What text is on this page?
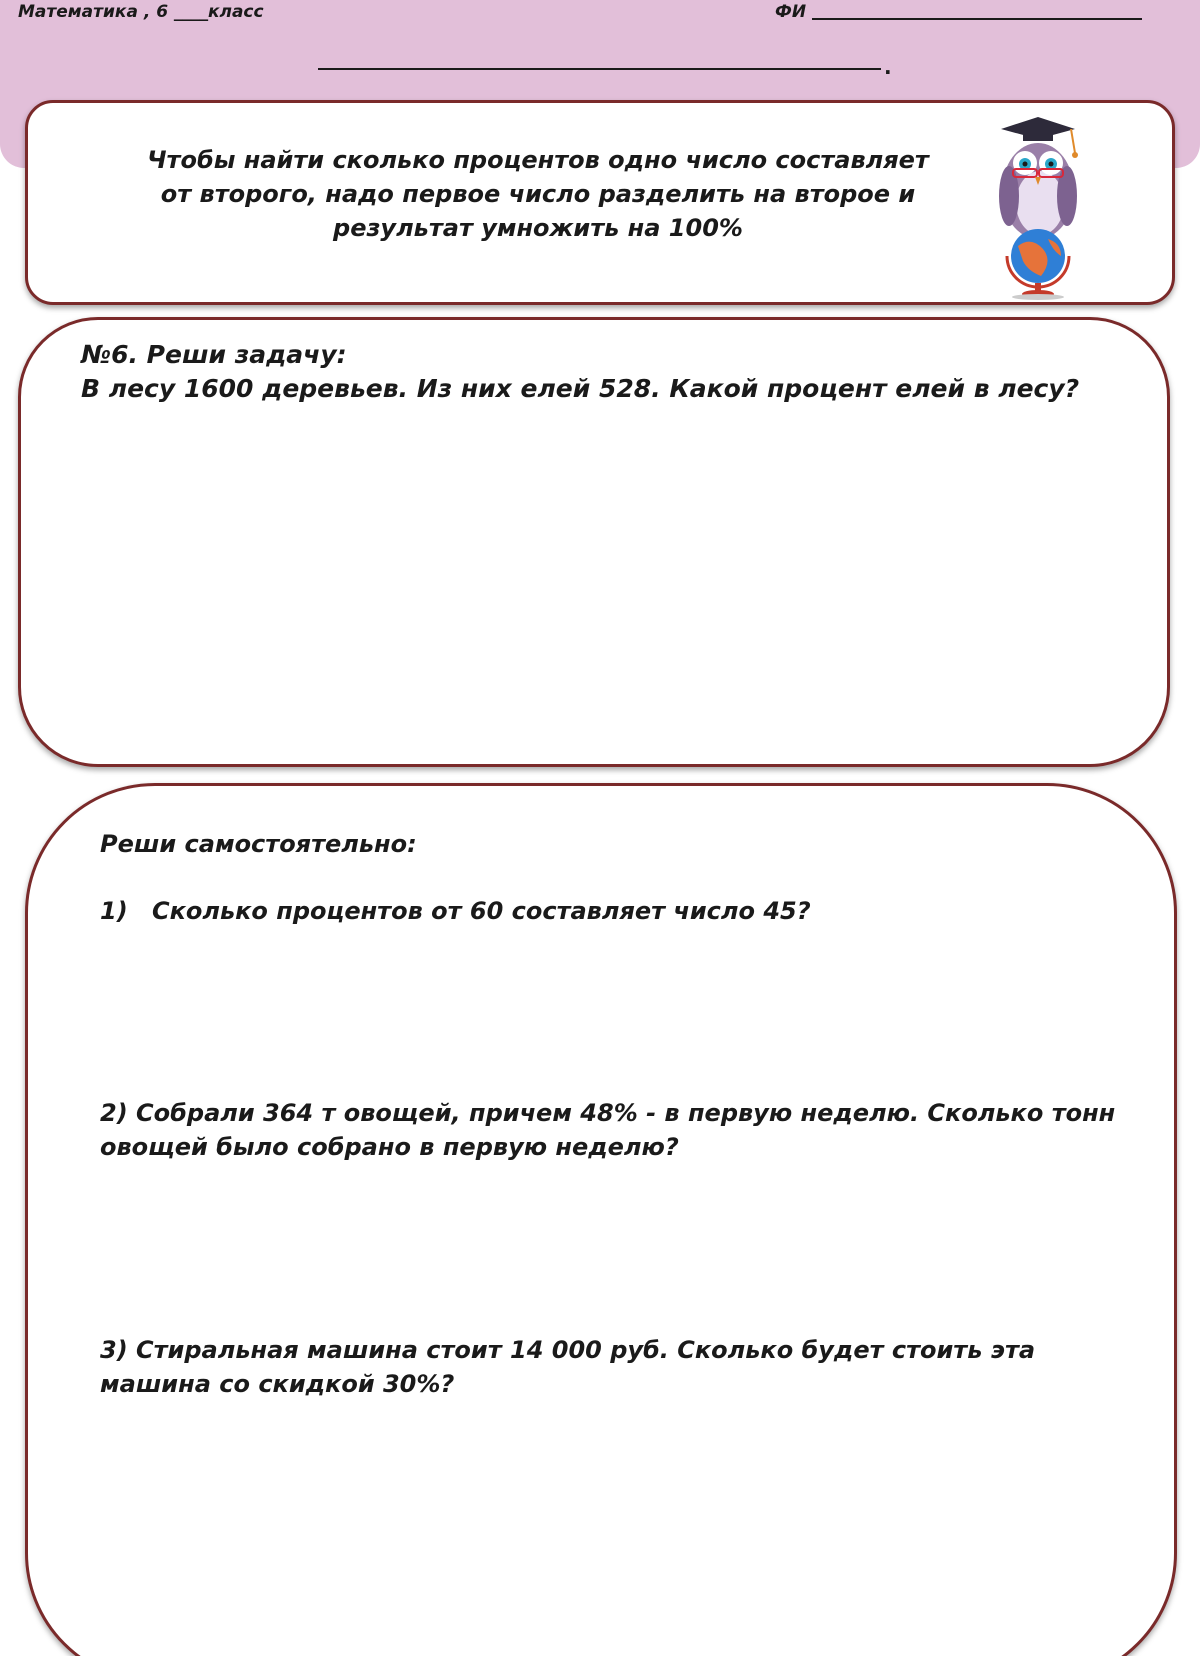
Математика , 6 ____класс	ФИ
.
Чтобы найти сколько процентов одно число составляет от второго, надо первое число разделить на второе и результат умножить на 100%
№6. Реши задачу:
В лесу 1600 деревьев. Из них елей 528. Какой процент елей в лесу?
Реши самостоятельно:
1) Сколько процентов от 60 составляет число 45?
2) Собрали 364 т овощей, причем 48% - в первую неделю. Сколько тонн овощей было собрано в первую неделю?
3) Стиральная машина стоит 14 000 руб. Сколько будет стоить эта машина со скидкой 30%?
